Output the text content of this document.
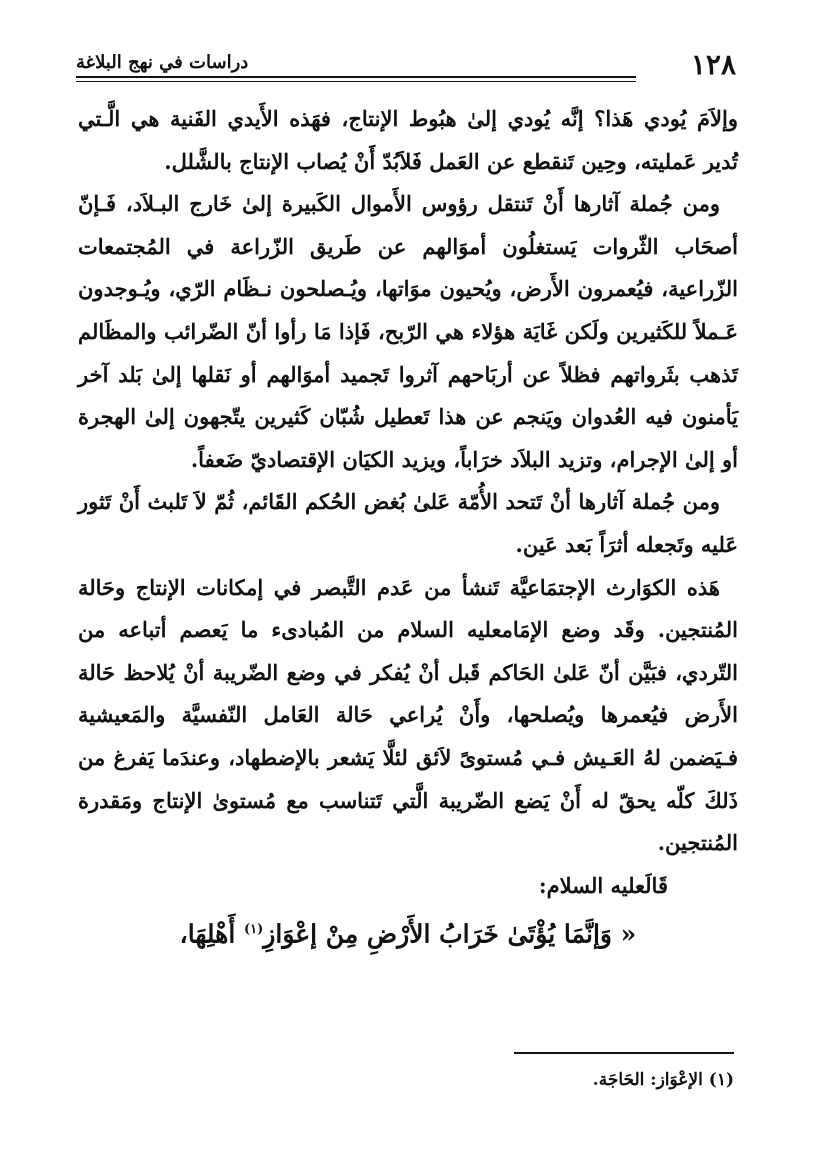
١٢٨
دراسات في نهج البلاغة

وإلاَمَ يُودي هَذا؟ إنَّه يُودي إلىٰ هبُوط الإنتاج، فهَذه الأَيدي الفَنية هي الَّـتي تُدير عَمليته، وحِين تَنقطع عن العَمل فَلاَبُدّ أَنْ يُصاب الإنتاج بالشَّلل.

ومن جُملة آثارها أَنْ تَنتقل رؤوس الأَموال الكَبيرة إلىٰ خَارج البـلاَد، فَـإنّ أصحَاب الثّروات يَستغلُون أموَالهم عن طَريق الزّراعة في المُجتمعات الزّراعية، فيُعمرون الأَرض، ويُحيون موَاتها، ويُـصلحون نـظَام الرّي، ويُـوجدون عَـملاً للكَثيرين ولَكن غَايَة هؤلاء هي الرّبح، فَإذا مَا رأوا أنّ الضّرائب والمظَالم تَذهب بثَرواتهم فظلاً عن أربَاحهم آثروا تَجميد أموَالهم أو نَقلها إلىٰ بَلد آخر يَأمنون فيه العُدوان ويَنجم عن هذا تَعطيل شُبّان كَثيرين يتّجهون إلىٰ الهجرة أو إلىٰ الإجرام، وتزيد البلاَد خرَاباً، ويزيد الكيَان الإقتصاديّ ضَعفاً.

ومن جُملة آثارها أنْ تَتحد الأُمّة عَلىٰ بُغض الحُكم القَائم، ثُمّ لاَ تَلبث أَنْ تَثور عَليه وتَجعله أثرَاً بَعد عَين.

هَذه الكوَارث الإجتمَاعيَّة تَنشأ من عَدم التَّبصر في إمكانات الإنتاج وحَالة المُنتجين. وقَد وضع الإمَامعليه السلام من المُبادىء ما يَعصم أتباعه من التّردي، فبَيَّن أنّ عَلىٰ الحَاكم قَبل أنْ يُفكر في وضع الضّريبة أنْ يُلاحظ حَالة الأَرض فيُعمرها ويُصلحها، وأَنْ يُراعي حَالة العَامل النّفسيَّة والمَعيشية فـيَضمن لهُ العَـيش فـي مُستوىً لاَئق لئلَّا يَشعر بالإضطهاد، وعندَما يَفرغ من ذَلكَ كلّه يحقّ له أَنْ يَضع الضّريبة الَّتي تَتناسب مع مُستوىٰ الإنتاج ومَقدرة المُنتجين.

قَالَعليه السلام:

« وَإنَّمَا يُؤْتَىٰ خَرَابُ الأَرْضِ مِنْ إعْوَازِ$^{(١)}$ أَهْلِهَا،

(١) الإعْوَاز: الحَاجَة.
